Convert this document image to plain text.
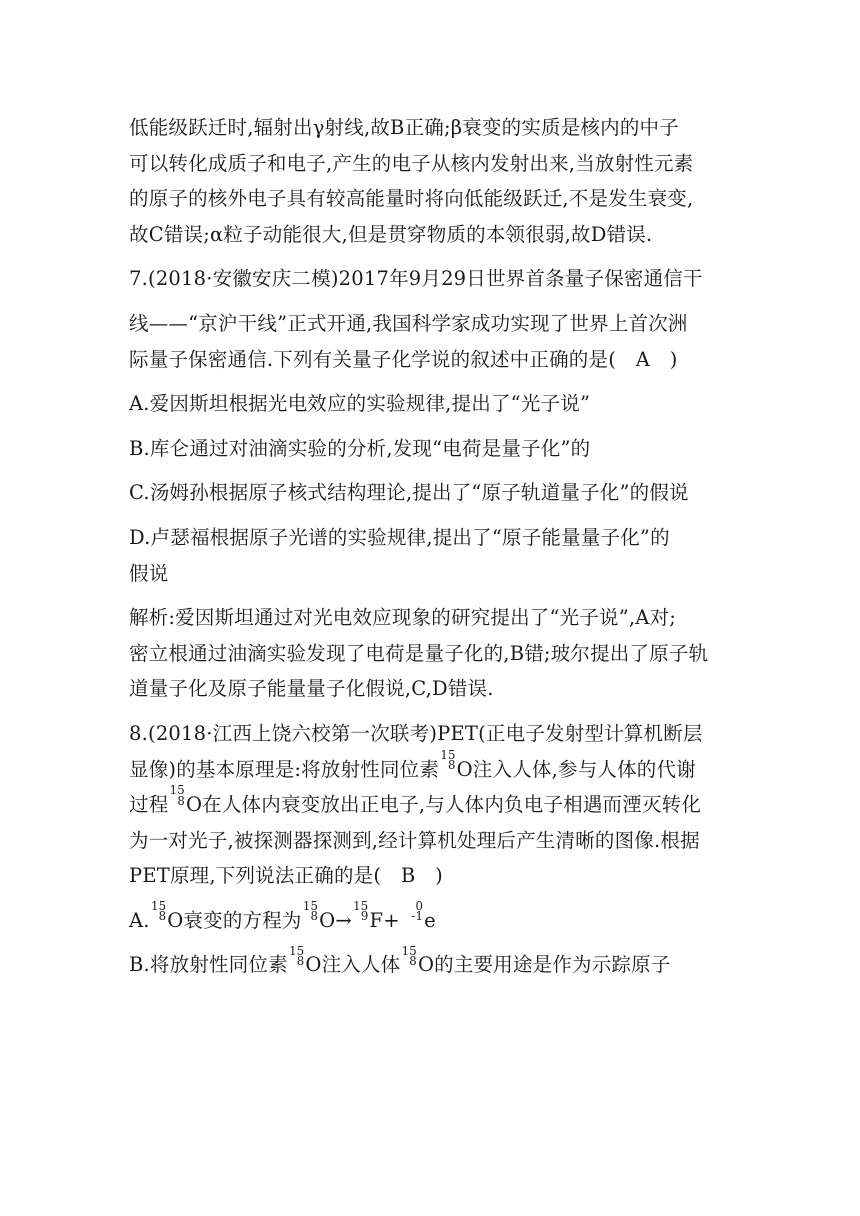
低能级跃迁时,辐射出γ射线,故B正确;β衰变的实质是核内的中子
可以转化成质子和电子,产生的电子从核内发射出来,当放射性元素
的原子的核外电子具有较高能量时将向低能级跃迁,不是发生衰变,
故C错误;α粒子动能很大,但是贯穿物质的本领很弱,故D错误.
7.(2018·安徽安庆二模)2017年9月29日世界首条量子保密通信干
线——“京沪干线”正式开通,我国科学家成功实现了世界上首次洲
际量子保密通信.下列有关量子化学说的叙述中正确的是(　A　)
A.爱因斯坦根据光电效应的实验规律,提出了“光子说”
B.库仑通过对油滴实验的分析,发现“电荷是量子化”的
C.汤姆孙根据原子核式结构理论,提出了“原子轨道量子化”的假说
D.卢瑟福根据原子光谱的实验规律,提出了“原子能量量子化”的
假说
解析:爱因斯坦通过对光电效应现象的研究提出了“光子说”,A对;
密立根通过油滴实验发现了电荷是量子化的,B错;玻尔提出了原子轨
道量子化及原子能量量子化假说,C,D错误.
8.(2018·江西上饶六校第一次联考)PET(正电子发射型计算机断层
显像)的基本原理是:将放射性同位素
15
8 O注入人体,参与人体的代谢
过程
15
8 O在人体内衰变放出正电子,与人体内负电子相遇而湮灭转化
为一对光子,被探测器探测到,经计算机处理后产生清晰的图像.根据
PET原理,下列说法正确的是(　B　)
A.
15
8 O衰变的方程为
15
8 O→
15
9 F+
0
-1 e
B.将放射性同位素
15
8 O注入人体
15
8 O的主要用途是作为示踪原子
